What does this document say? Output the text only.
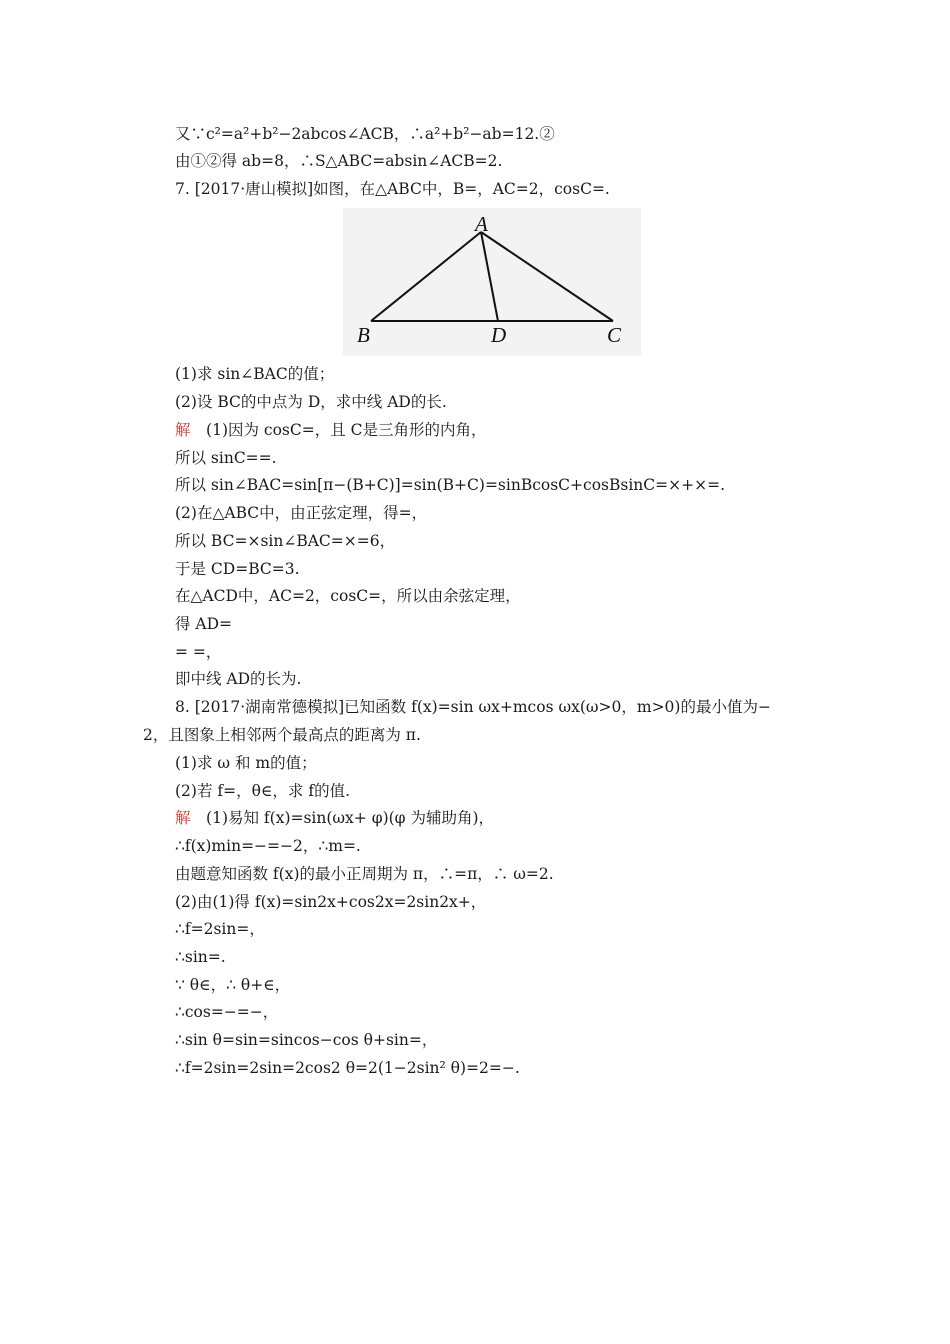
又∵c²=a²+b²−2abcos∠ACB，∴a²+b²−ab=12.②
由①②得 ab=8，∴S△ABC=absin∠ACB=2.
7. [2017·唐山模拟]如图，在△ABC中，B=，AC=2，cosC=.
A
B	D	C
(1)求 sin∠BAC的值；
(2)设 BC的中点为 D，求中线 AD的长.
解　 (1)因为 cosC=，且 C是三角形的内角，
所以 sinC==.
所以 sin∠BAC=sin[π−(B+C)]=sin(B+C)=sinBcosC+cosBsinC=×+×=.
(2)在△ABC中，由正弦定理，得=，
所以 BC=×sin∠BAC=×=6，
于是 CD=BC=3.
在△ACD中，AC=2，cosC=，所以由余弦定理，
得 AD=
= =，
即中线 AD的长为.
8. [2017·湖南常德模拟]已知函数 f(x)=sin ωx+mcos ωx(ω>0，m>0)的最小值为−
2，且图象上相邻两个最高点的距离为 π.
(1)求 ω 和 m的值；
(2)若 f=，θ∈，求 f的值.
解　 (1)易知 f(x)=sin(ωx+ φ)(φ 为辅助角)，
∴f(x)min=−=−2，∴m=.
由题意知函数 f(x)的最小正周期为 π，∴=π，∴ ω=2.
(2)由(1)得 f(x)=sin2x+cos2x=2sin2x+，
∴f=2sin=，
∴sin=.
∵ θ∈，∴ θ+∈，
∴cos=−=−，
∴sin θ=sin=sincos−cos θ+sin=，
∴f=2sin=2sin=2cos2 θ=2(1−2sin² θ)=2=−.
